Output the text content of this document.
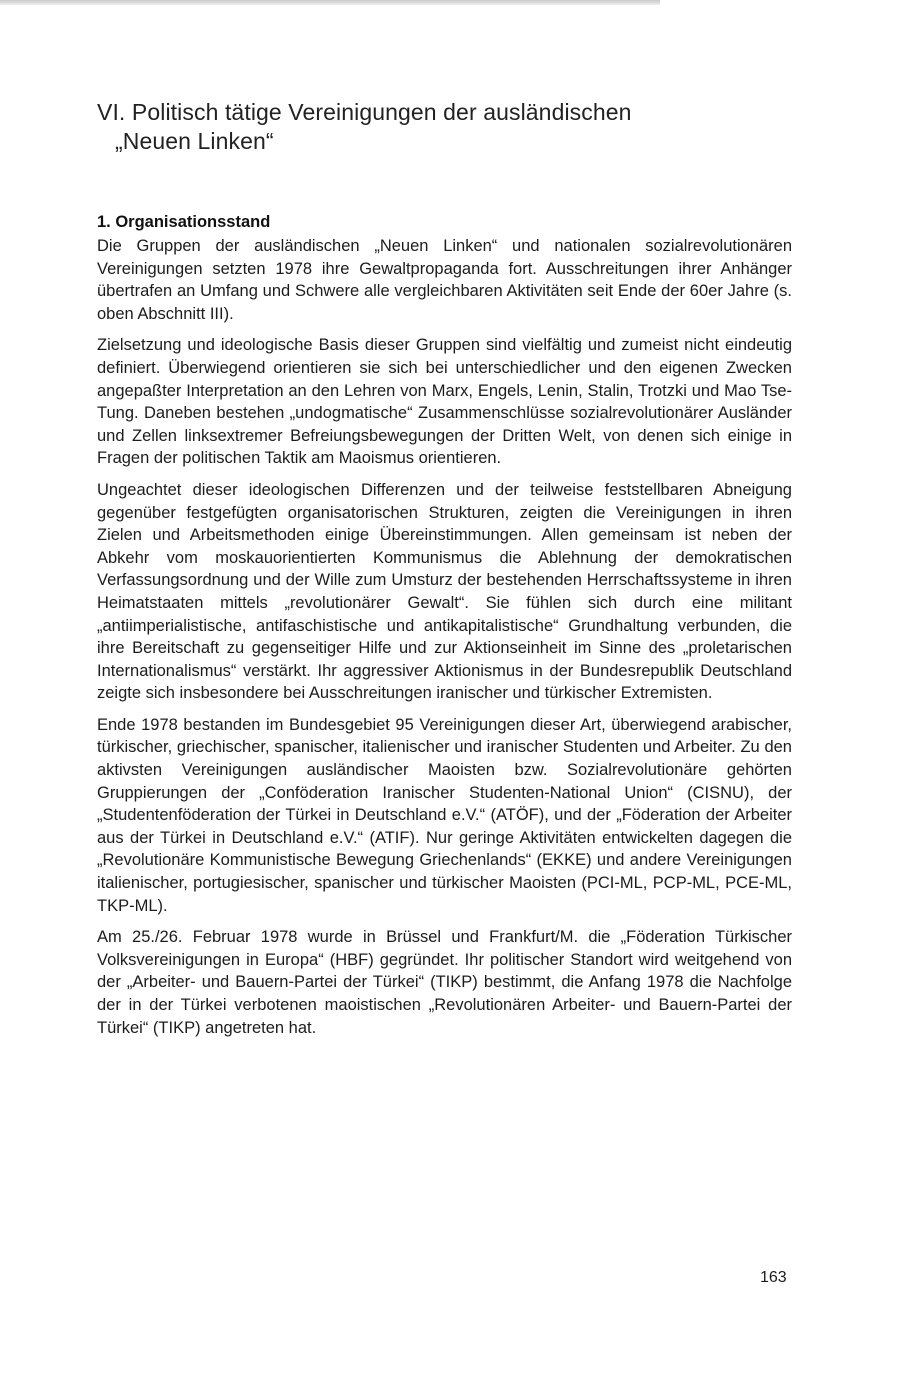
VI. Politisch tätige Vereinigungen der ausländischen
„Neuen Linken“
1. Organisationsstand

Die Gruppen der ausländischen „Neuen Linken“ und nationalen sozialrevolutionären Vereinigungen setzten 1978 ihre Gewaltpropaganda fort. Ausschreitungen ihrer Anhänger übertrafen an Umfang und Schwere alle vergleichbaren Aktivitäten seit Ende der 60er Jahre (s. oben Abschnitt III).

Zielsetzung und ideologische Basis dieser Gruppen sind vielfältig und zumeist nicht eindeutig definiert. Überwiegend orientieren sie sich bei unterschiedlicher und den eigenen Zwecken angepaßter Interpretation an den Lehren von Marx, Engels, Lenin, Stalin, Trotzki und Mao Tse-Tung. Daneben bestehen „undogmatische“ Zusammenschlüsse sozialrevolutionärer Ausländer und Zellen linksextremer Befreiungsbewegungen der Dritten Welt, von denen sich einige in Fragen der politischen Taktik am Maoismus orientieren.

Ungeachtet dieser ideologischen Differenzen und der teilweise feststellbaren Abneigung gegenüber festgefügten organisatorischen Strukturen, zeigten die Vereinigungen in ihren Zielen und Arbeitsmethoden einige Übereinstimmungen. Allen gemeinsam ist neben der Abkehr vom moskauorientierten Kommunismus die Ablehnung der demokratischen Verfassungsordnung und der Wille zum Umsturz der bestehenden Herrschaftssysteme in ihren Heimatstaaten mittels „revolutionärer Gewalt“. Sie fühlen sich durch eine militant „antiimperialistische, antifaschistische und antikapitalistische“ Grundhaltung verbunden, die ihre Bereitschaft zu gegenseitiger Hilfe und zur Aktionseinheit im Sinne des „proletarischen Internationalismus“ verstärkt. Ihr aggressiver Aktionismus in der Bundesrepublik Deutschland zeigte sich insbesondere bei Ausschreitungen iranischer und türkischer Extremisten.

Ende 1978 bestanden im Bundesgebiet 95 Vereinigungen dieser Art, überwiegend arabischer, türkischer, griechischer, spanischer, italienischer und iranischer Studenten und Arbeiter. Zu den aktivsten Vereinigungen ausländischer Maoisten bzw. Sozialrevolutionäre gehörten Gruppierungen der „Conföderation Iranischer Studenten-National Union“ (CISNU), der „Studentenföderation der Türkei in Deutschland e.V.“ (ATÖF), und der „Föderation der Arbeiter aus der Türkei in Deutschland e.V.“ (ATIF). Nur geringe Aktivitäten entwickelten dagegen die „Revolutionäre Kommunistische Bewegung Griechenlands“ (EKKE) und andere Vereinigungen italienischer, portugiesischer, spanischer und türkischer Maoisten (PCI-ML, PCP-ML, PCE-ML, TKP-ML).

Am 25./26. Februar 1978 wurde in Brüssel und Frankfurt/M. die „Föderation Türkischer Volksvereinigungen in Europa“ (HBF) gegründet. Ihr politischer Standort wird weitgehend von der „Arbeiter- und Bauern-Partei der Türkei“ (TIKP) bestimmt, die Anfang 1978 die Nachfolge der in der Türkei verbotenen maoistischen „Revolutionären Arbeiter- und Bauern-Partei der Türkei“ (TIKP) angetreten hat.

163
